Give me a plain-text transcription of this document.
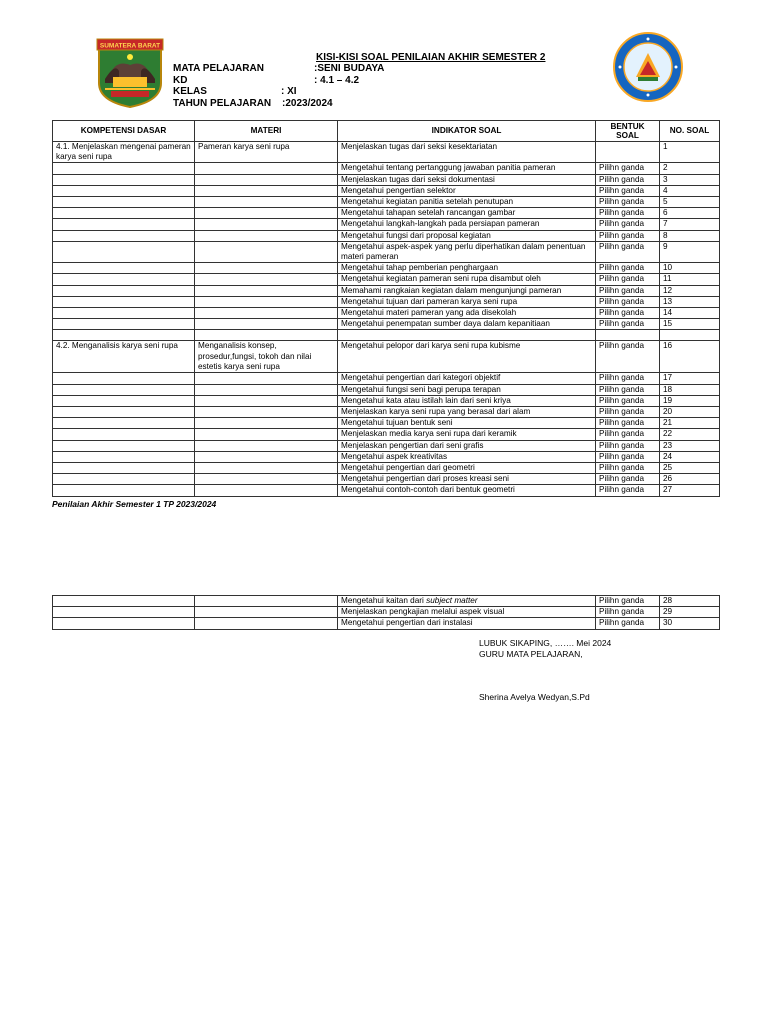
SUMATERA BARAT
KISI-KISI SOAL PENILAIAN AKHIR SEMESTER 2
MATA PELAJARAN	:SENI BUDAYA
KD	: 4.1 – 4.2
KELAS	: XI
TAHUN PELAJARAN :2023/2024
KOMPETENSI DASAR	MATERI	INDIKATOR SOAL	BENTUK SOAL	NO. SOAL
4.1. Menjelaskan mengenai pameran karya seni rupa	Pameran karya seni rupa	Menjelaskan tugas dari seksi kesektariatan		1
		Mengetahui tentang pertanggung jawaban panitia pameran	Pilihn ganda	2
		Menjelaskan tugas dari seksi dokumentasi	Pilihn ganda	3
		Mengetahui pengertian selektor	Pilihn ganda	4
		Mengetahui kegiatan panitia setelah penutupan	Pilihn ganda	5
		Mengetahui tahapan setelah rancangan gambar	Pilihn ganda	6
		Mengetahui langkah-langkah pada persiapan pameran	Pilihn ganda	7
		Mengetahui fungsi dari proposal kegiatan	Pilihn ganda	8
		Mengetahui aspek-aspek yang perlu diperhatikan dalam penentuan materi pameran	Pilihn ganda	9
		Mengetahui tahap pemberian penghargaan	Pilihn ganda	10
		Mengetahui kegiatan pameran seni rupa disambut oleh	Pilihn ganda	11
		Memahami rangkaian kegiatan dalam mengunjungi pameran	Pilihn ganda	12
		Mengetahui tujuan dari pameran karya seni rupa	Pilihn ganda	13
		Mengetahui materi pameran yang ada disekolah	Pilihn ganda	14
		Mengetahui penempatan sumber daya dalam kepanitiaan	Pilihn ganda	15

4.2. Menganalisis karya seni rupa	Menganalisis konsep, prosedur,fungsi, tokoh dan nilai estetis karya seni rupa	Mengetahui pelopor dari karya seni rupa kubisme	Pilihn ganda	16
		Mengetahui pengertian dari kategori objektif	Pilihn ganda	17
		Mengetahui fungsi seni bagi perupa terapan	Pilihn ganda	18
		Mengetahui kata atau istilah lain dari seni kriya	Pilihn ganda	19
		Menjelaskan karya seni rupa yang berasal dari alam	Pilihn ganda	20
		Mengetahui tujuan bentuk seni	Pilihn ganda	21
		Menjelaskan media karya seni rupa dari keramik	Pilihn ganda	22
		Menjelaskan pengertian dari seni grafis	Pilihn ganda	23
		Mengetahui aspek kreativitas	Pilihn ganda	24
		Mengetahui pengertian dari geometri	Pilihn ganda	25
		Mengetahui pengertian dari proses kreasi seni	Pilihn ganda	26
		Mengetahui contoh-contoh dari bentuk geometri	Pilihn ganda	27
Penilaian Akhir Semester 1 TP 2023/2024
		Mengetahui kaitan dari subject matter	Pilihn ganda	28
		Menjelaskan pengkajian melalui aspek visual	Pilihn ganda	29
		Mengetahui pengertian dari instalasi	Pilihn ganda	30
LUBUK SIKAPING, ……. Mei 2024
GURU MATA PELAJARAN,
Sherina Avelya Wedyan,S.Pd
